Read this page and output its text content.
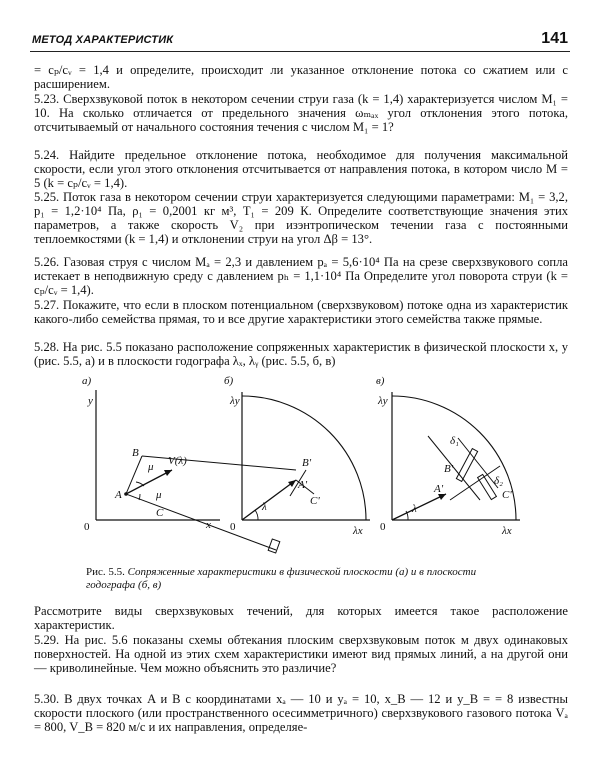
МЕТОД ХАРАКТЕРИСТИК	141

= cₚ/cᵥ = 1,4 и определите, происходит ли указанное отклонение потока со сжатием или с расширением.

5.23. Сверхзвуковой поток в некотором сечении струи газа (k = 1,4) характеризуется числом M₁ = 10. На сколько отличается от предельного значения ωₘₐₓ угол отклонения этого потока, отсчитываемый от начального состояния течения с числом M₁ = 1?

5.24. Найдите предельное отклонение потока, необходимое для получения максимальной скорости, если угол этого отклонения отсчитывается от направления потока, в котором число M = 5 (k = cₚ/cᵥ = 1,4).

5.25. Поток газа в некотором сечении струи характеризуется следующими параметрами: M₁ = 3,2, p₁ = 1,2·10⁴ Па, ρ₁ = 0,2001 кг м³, T₁ = 209 К. Определите соответствующие значения этих параметров, а также скорость V₂ при изэнтропическом течении газа с постоянными теплоемкостями (k = 1,4) и отклонении струи на угол Δβ = 13°.

5.26. Газовая струя с числом Mₐ = 2,3 и давлением pₐ = 5,6·10⁴ Па на срезе сверхзвукового сопла истекает в неподвижную среду с давлением pₕ = 1,1·10⁴ Па Определите угол поворота струи (k = cₚ/cᵥ = 1,4).

5.27. Покажите, что если в плоском потенциальном (сверхзвуковом) потоке одна из характеристик какого-либо семейства прямая, то и все другие характеристики этого семейства также прямые.

5.28. На рис. 5.5 показано расположение сопряженных характеристик в физической плоскости x, y (рис. 5.5, а) и в плоскости годографа λₓ, λᵧ (рис. 5.5, б, в)

а)
y
0	x
A
B
C
μ
μ
V(λ)
б)
λy
0	λx
λ
A'
B'
C'
в)
λy
0	λx
λ
A'
B'
C'
δ₁
δ₂
Рис. 5.5. Сопряженные характеристики в физической плоскости (а) и в плоскости годографа (б, в)

Рассмотрите виды сверхзвуковых течений, для которых имеется такое расположение характеристик.

5.29. На рис. 5.6 показаны схемы обтекания плоским сверхзвуковым поток м двух одинаковых поверхностей. На одной из этих схем характеристики имеют вид прямых линий, а на другой они — криволинейные. Чем можно объяснить это различие?

5.30. В двух точках A и B с координатами xₐ — 10 и yₐ = 10, x_B — 12 и y_B = = 8 известны скорости плоского (или пространственного осесимметричного) сверхзвукового газового потока Vₐ = 800, V_B = 820 м/с и их направления, определяе-
